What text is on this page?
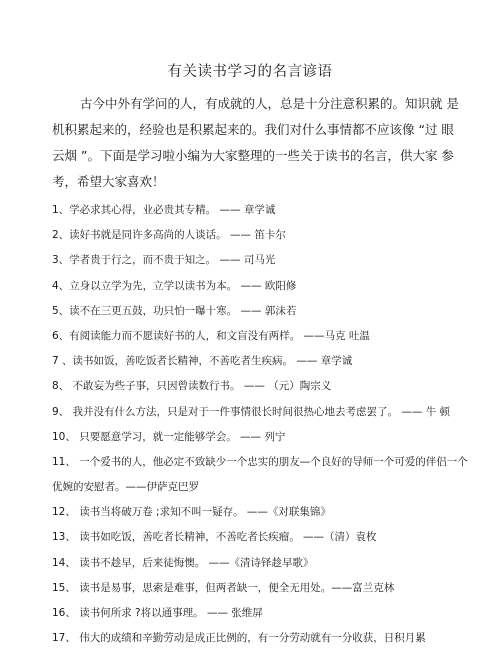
有关读书学习的名言谚语
古今中外有学问的人，有成就的人，总是十分注意积累的。知识就 是
机积累起来的，经验也是积累起来的。我们对什么事情都不应该像 “过 眼
云烟 ”。下面是学习啦小编为大家整理的一些关于读书的名言，供大家 参
考，希望大家喜欢！
1、学必求其心得，业必贵其专精。 —— 章学诚
2、读好书就是同许多高尚的人谈话。 —— 笛卡尔
3、学者贵于行之，而不贵于知之。 —— 司马光
4、立身以立学为先，立学以读书为本。 —— 欧阳修
5、读不在三更五鼓，功只怕一曝十寒。 —— 郭沫若
6、有阅读能力而不愿读好书的人，和文盲没有两样。 ——马克 吐温
7 、读书如饭，善吃饭者长精神，不善吃者生疾病。 —— 章学诚
8、 不敢妄为些子事，只因曾读数行书。 —— （元）陶宗义
9、 我并没有什么方法，只是对于一件事情很长时间很热心地去考虑罢了。 —— 牛 顿
10、 只要愿意学习，就一定能够学会。 —— 列宁
11、 一个爱书的人，他必定不致缺少一个忠实的朋友—个良好的导师一个可爱的伴侣一个优婉的安慰者。——伊萨克巴罗
12、 读书当将破万卷 ;求知不叫一疑存。 ——《对联集锦》
13、 读书如吃饭，善吃者长精神，不善吃者长疾瘤。 ——（清）袁枚
14、 读书不趁早，后来徒悔懊。 ——《清诗铎趁早歌》
15、 读书是易事，思索是难事，但两者缺一，便全无用处。——富兰克林
16、 读书何所求 ?将以通事理。 —— 张维屏
17、 伟大的成绩和辛勤劳动是成正比例的，有一分劳动就有一分收获，日积月累
